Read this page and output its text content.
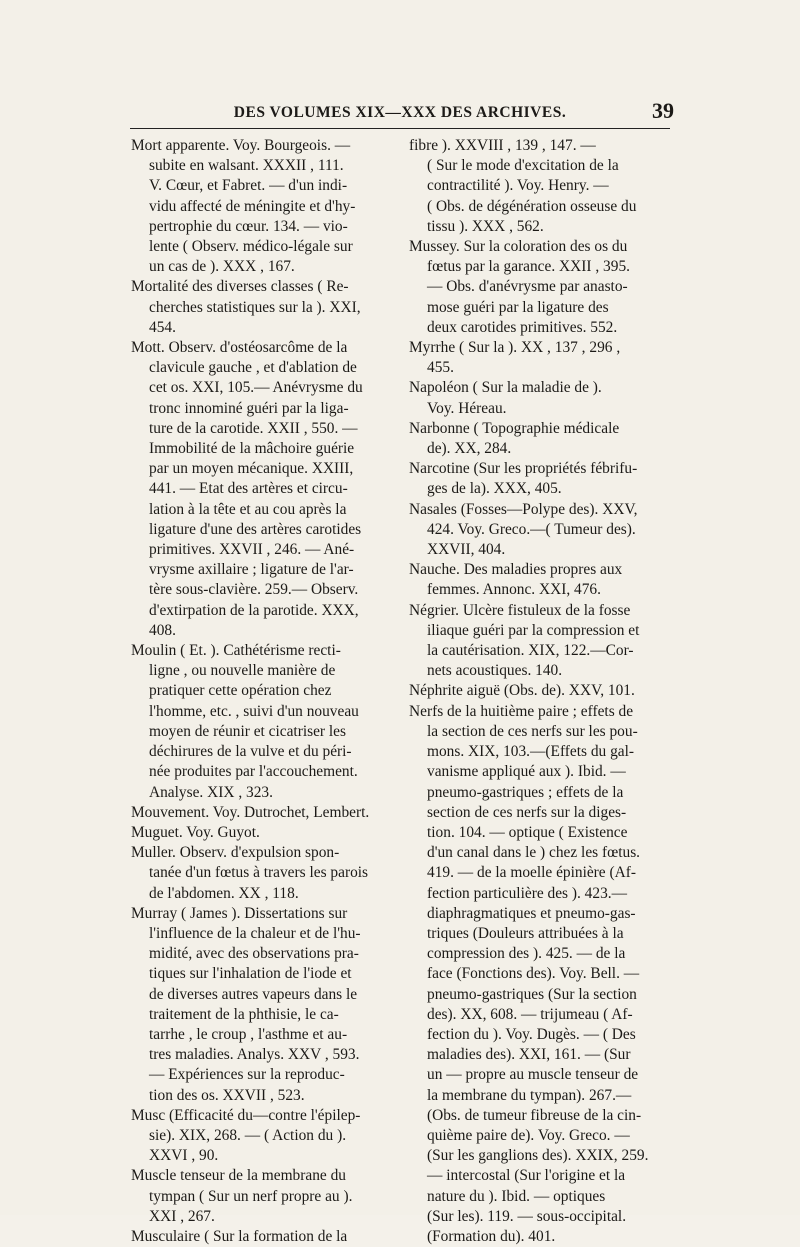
DES VOLUMES XIX—XXX DES ARCHIVES.	39

Mort apparente. Voy. Bourgeois. —
subite en walsant. XXXII , 111.
V. Cœur, et Fabret. — d'un indi-
vidu affecté de méningite et d'hy-
pertrophie du cœur. 134. — vio-
lente ( Observ. médico-légale sur
un cas de ). XXX , 167.

Mortalité des diverses classes ( Re-
cherches statistiques sur la ). XXI,
454.

Mott. Observ. d'ostéosarcôme de la
clavicule gauche , et d'ablation de
cet os. XXI, 105.— Anévrysme du
tronc innominé guéri par la liga-
ture de la carotide. XXII , 550. —
Immobilité de la mâchoire guérie
par un moyen mécanique. XXIII,
441. — Etat des artères et circu-
lation à la tête et au cou après la
ligature d'une des artères carotides
primitives. XXVII , 246. — Ané-
vrysme axillaire ; ligature de l'ar-
tère sous-clavière. 259.— Observ.
d'extirpation de la parotide. XXX,
408.

Moulin ( Et. ). Cathétérisme recti-
ligne , ou nouvelle manière de
pratiquer cette opération chez
l'homme, etc. , suivi d'un nouveau
moyen de réunir et cicatriser les
déchirures de la vulve et du péri-
née produites par l'accouchement.
Analyse. XIX , 323.

Mouvement. Voy. Dutrochet, Lembert.

Muguet. Voy. Guyot.

Muller. Observ. d'expulsion spon-
tanée d'un fœtus à travers les parois
de l'abdomen. XX , 118.

Murray ( James ). Dissertations sur
l'influence de la chaleur et de l'hu-
midité, avec des observations pra-
tiques sur l'inhalation de l'iode et
de diverses autres vapeurs dans le
traitement de la phthisie, le ca-
tarrhe , le croup , l'asthme et au-
tres maladies. Analys. XXV , 593.
— Expériences sur la reproduc-
tion des os. XXVII , 523.

Musc (Efficacité du—contre l'épilep-
sie). XIX, 268. — ( Action du ).
XXVI , 90.

Muscle tenseur de la membrane du
tympan ( Sur un nerf propre au ).
XXI , 267.

Musculaire ( Sur la formation de la

fibre ). XXVIII , 139 , 147. —
( Sur le mode d'excitation de la
contractilité ). Voy. Henry. —
( Obs. de dégénération osseuse du
tissu ). XXX , 562.

Mussey. Sur la coloration des os du
fœtus par la garance. XXII , 395.
— Obs. d'anévrysme par anasto-
mose guéri par la ligature des
deux carotides primitives. 552.

Myrrhe ( Sur la ). XX , 137 , 296 ,
455.

Napoléon ( Sur la maladie de ).
Voy. Héreau.

Narbonne ( Topographie médicale
de). XX, 284.

Narcotine (Sur les propriétés fébrifu-
ges de la). XXX, 405.

Nasales (Fosses—Polype des). XXV,
424. Voy. Greco.—( Tumeur des).
XXVII, 404.

Nauche. Des maladies propres aux
femmes. Annonc. XXI, 476.

Négrier. Ulcère fistuleux de la fosse
iliaque guéri par la compression et
la cautérisation. XIX, 122.—Cor-
nets acoustiques. 140.

Néphrite aiguë (Obs. de). XXV, 101.

Nerfs de la huitième paire ; effets de
la section de ces nerfs sur les pou-
mons. XIX, 103.—(Effets du gal-
vanisme appliqué aux ). Ibid. —
pneumo-gastriques ; effets de la
section de ces nerfs sur la diges-
tion. 104. — optique ( Existence
d'un canal dans le ) chez les fœtus.
419. — de la moelle épinière (Af-
fection particulière des ). 423.—
diaphragmatiques et pneumo-gas-
triques (Douleurs attribuées à la
compression des ). 425. — de la
face (Fonctions des). Voy. Bell. —
pneumo-gastriques (Sur la section
des). XX, 608. — trijumeau ( Af-
fection du ). Voy. Dugès. — ( Des
maladies des). XXI, 161. — (Sur
un — propre au muscle tenseur de
la membrane du tympan). 267.—
(Obs. de tumeur fibreuse de la cin-
quième paire de). Voy. Greco. —
(Sur les ganglions des). XXIX, 259.
— intercostal (Sur l'origine et la
nature du ). Ibid. — optiques
(Sur les). 119. — sous-occipital.
(Formation du). 401.
